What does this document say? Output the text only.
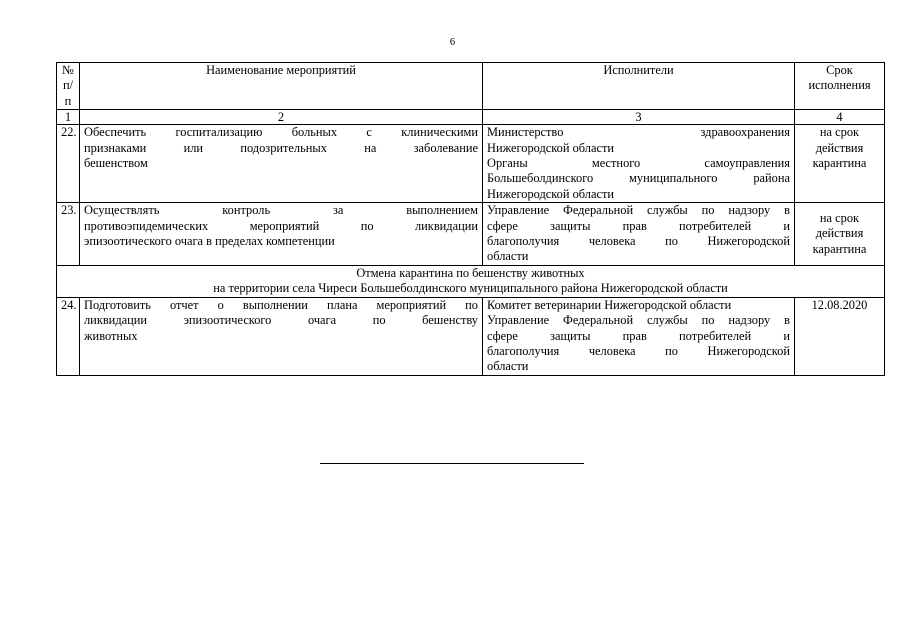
6
№
п/п	Наименование мероприятий	Исполнители	Срок
исполнения
1	2	3	4
22.	Обеспечить госпитализацию больных с клиническими
признаками или подозрительных на заболевание
бешенством	Министерство здравоохранения
Нижегородской области
Органы местного самоуправления
Большеболдинского муниципального района
Нижегородской области	на срок
действия
карантина
23.	Осуществлять контроль за выполнением
противоэпидемических мероприятий по ликвидации
эпизоотического очага в пределах компетенции	Управление Федеральной службы по надзору в
сфере защиты прав потребителей и
благополучия человека по Нижегородской
области	на срок
действия
карантина
Отмена карантина по бешенству животных
на территории села Чиреси Большеболдинского муниципального района Нижегородской области			
24.	Подготовить отчет о выполнении плана мероприятий по
ликвидации эпизоотического очага по бешенству
животных	Комитет ветеринарии Нижегородской области
Управление Федеральной службы по надзору в
сфере защиты прав потребителей и
благополучия человека по Нижегородской
области	12.08.2020
